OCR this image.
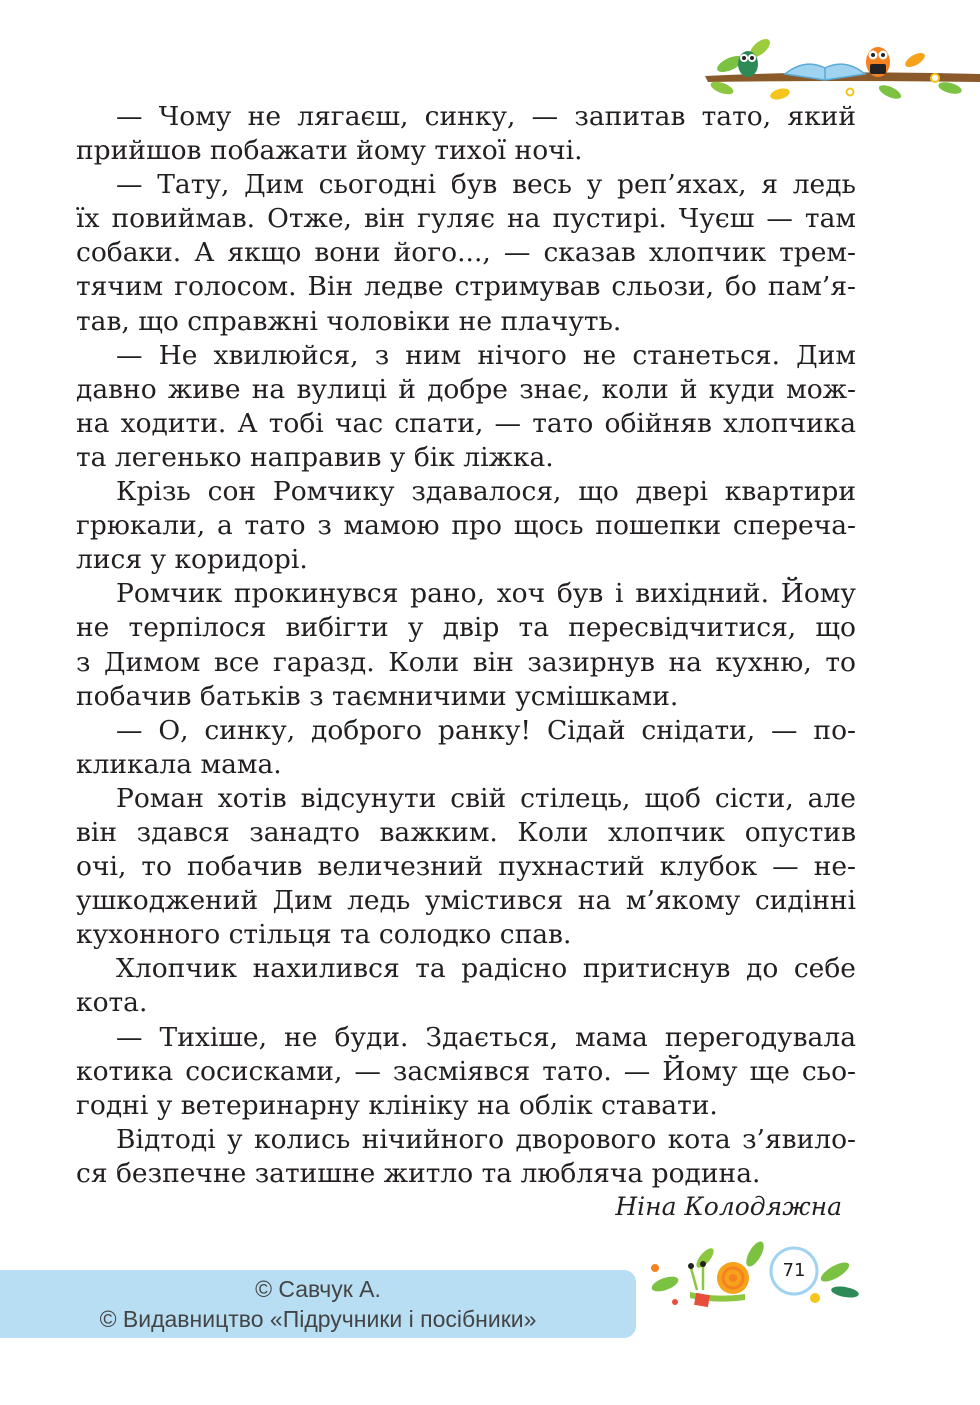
— Чому не лягаєш, синку, — запитав тато, який
прийшов побажати йому тихої ночі.
— Тату, Дим сьогодні був весь у реп’яхах, я ледь
їх повиймав. Отже, він гуляє на пустирі. Чуєш — там
собаки. А якщо вони його..., — сказав хлопчик трем-
тячим голосом. Він ледве стримував сльози, бо пам’я-
тав, що справжні чоловіки не плачуть.
— Не хвилюйся, з ним нічого не станеться. Дим
давно живе на вулиці й добре знає, коли й куди мож-
на ходити. А тобі час спати, — тато обійняв хлопчика
та легенько направив у бік ліжка.
Крізь сон Ромчику здавалося, що двері квартири
грюкали, а тато з мамою про щось пошепки спереча-
лися у коридорі.
Ромчик прокинувся рано, хоч був і вихідний. Йому
не терпілося вибігти у двір та пересвідчитися, що
з Димом все гаразд. Коли він зазирнув на кухню, то
побачив батьків з таємничими усмішками.
— О, синку, доброго ранку! Сідай снідати, — по-
кликала мама.
Роман хотів відсунути свій стілець, щоб сісти, але
він здався занадто важким. Коли хлопчик опустив
очі, то побачив величезний пухнастий клубок — не-
ушкоджений Дим ледь умістився на м’якому сидінні
кухонного стільця та солодко спав.
Хлопчик нахилився та радісно притиснув до себе
кота.
— Тихіше, не буди. Здається, мама перегодувала
котика сосисками, — засміявся тато. — Йому ще сьо-
годні у ветеринарну клініку на облік ставати.
Відтоді у колись нічийного дворового кота з’явило-
ся безпечне затишне житло та любляча родина.
Ніна Колодяжна
71
© Савчук А.
© Видавництво «Підручники і посібники»
